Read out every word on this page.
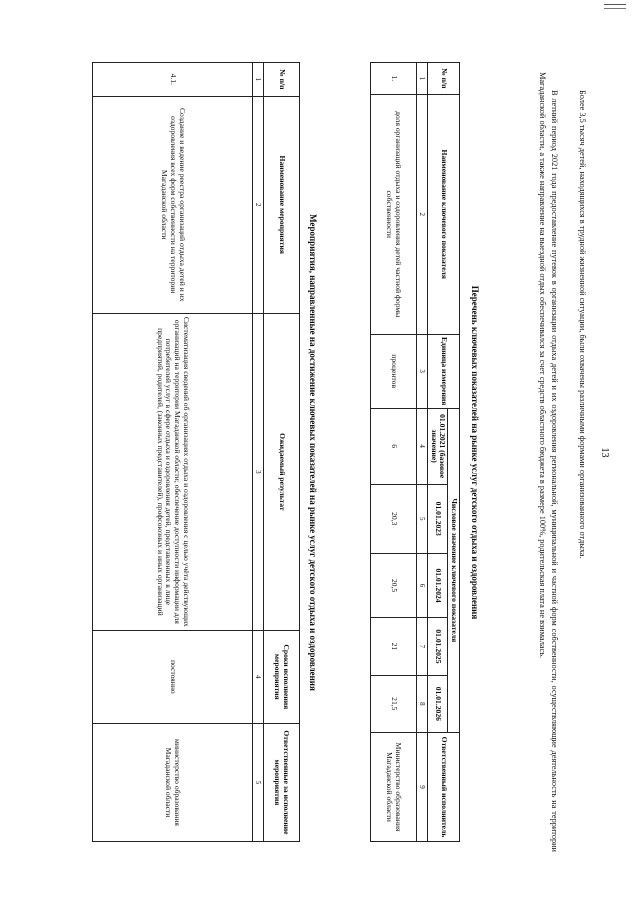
13
Более 3,5 тысяч детей, находящихся в трудной жизненной ситуации, были охвачены различными формами организованного отдыха.
В летний период 2021 года предоставление путевок в организации отдыха детей и их оздоровления региональной, муниципальной и частной форм собственности, осуществляющие деятельность на территории Магаданской области, а также направление на выездной отдых обеспечивался за счет средств областного бюджета в размере 100%, родительская плата не взималась.
Перечень ключевых показателей на рынке услуг детского отдыха и оздоровления
№ п/п	Наименование ключевого показателя	Единица измерения	Числовое значение ключевого показателя					Ответственный исполнитель
			01.01.2021 (базовое значение)	01.01.2023	01.01.2024	01.01.2025	01.01.2026	
1	2	3	4	5	6	7	8	9
1.	доля организаций отдыха и оздоровления детей частной формы собственности	процентов	6	20,3	20,5	21	21,5	Министерство образования Магаданской области
Мероприятия, направленные на достижение ключевых показателей на рынке услуг детского отдыха и оздоровления
№ п/п	Наименование мероприятия	Ожидаемый результат	Сроки исполнения мероприятия	Ответственные за исполнение мероприятия
1	2	3	4	5
4.1.	Создание и ведение реестра организаций отдыха детей и их оздоровления всех форм собственности на территории Магаданской области	Систематизация сведений об организациях отдыха и оздоровления с целью учёта действующих организаций на территории Магаданской области; обеспечение доступности информации для потребителей услуг в сфере отдыха и оздоровления детей, представленных в лице предприятий, родителей, (законных представителей), профсоюзных и иных организаций	постоянно	министерство образования Магаданской области
